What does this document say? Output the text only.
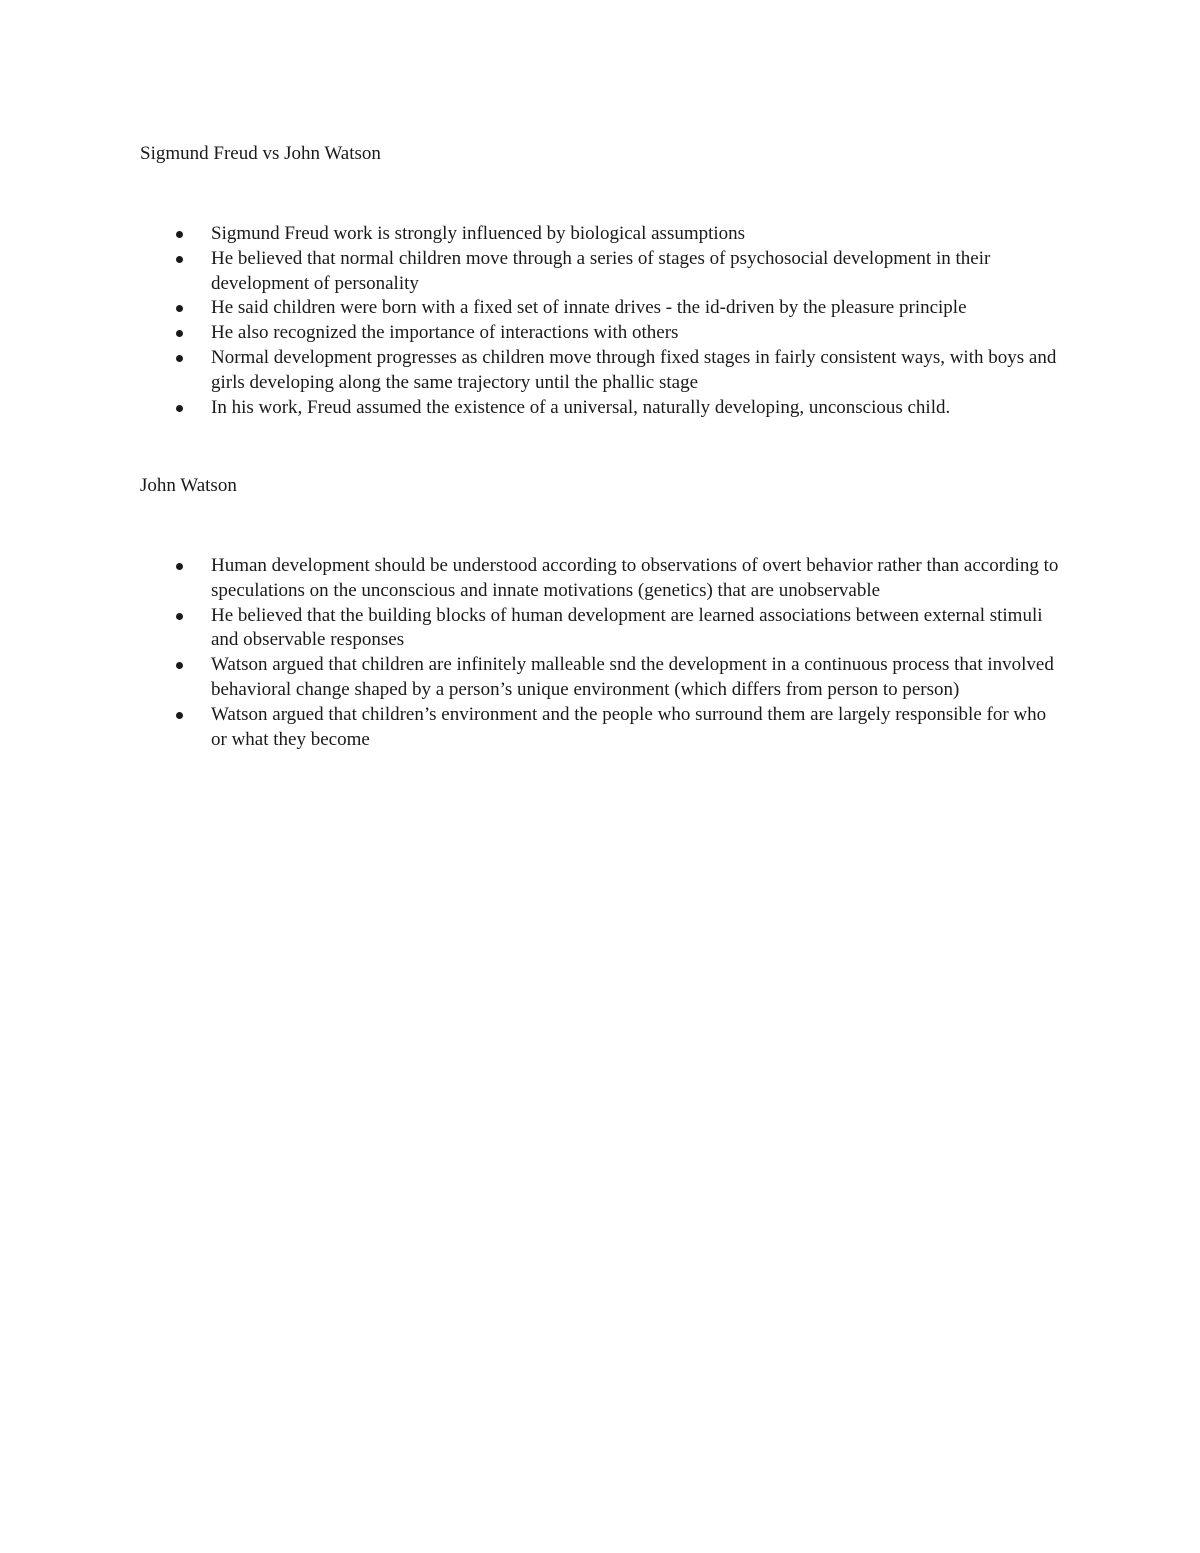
Sigmund Freud vs John Watson

Sigmund Freud work is strongly influenced by biological assumptions
He believed that normal children move through a series of stages of psychosocial development in their development of personality
He said children were born with a fixed set of innate drives - the id-driven by the pleasure principle
He also recognized the importance of interactions with others
Normal development progresses as children move through fixed stages in fairly consistent ways, with boys and girls developing along the same trajectory until the phallic stage
In his work, Freud assumed the existence of a universal, naturally developing, unconscious child.

John Watson

Human development should be understood according to observations of overt behavior rather than according to speculations on the unconscious and innate motivations (genetics) that are unobservable
He believed that the building blocks of human development are learned associations between external stimuli and observable responses
Watson argued that children are infinitely malleable snd the development in a continuous process that involved behavioral change shaped by a person’s unique environment (which differs from person to person)
Watson argued that children’s environment and the people who surround them are largely responsible for who or what they become
